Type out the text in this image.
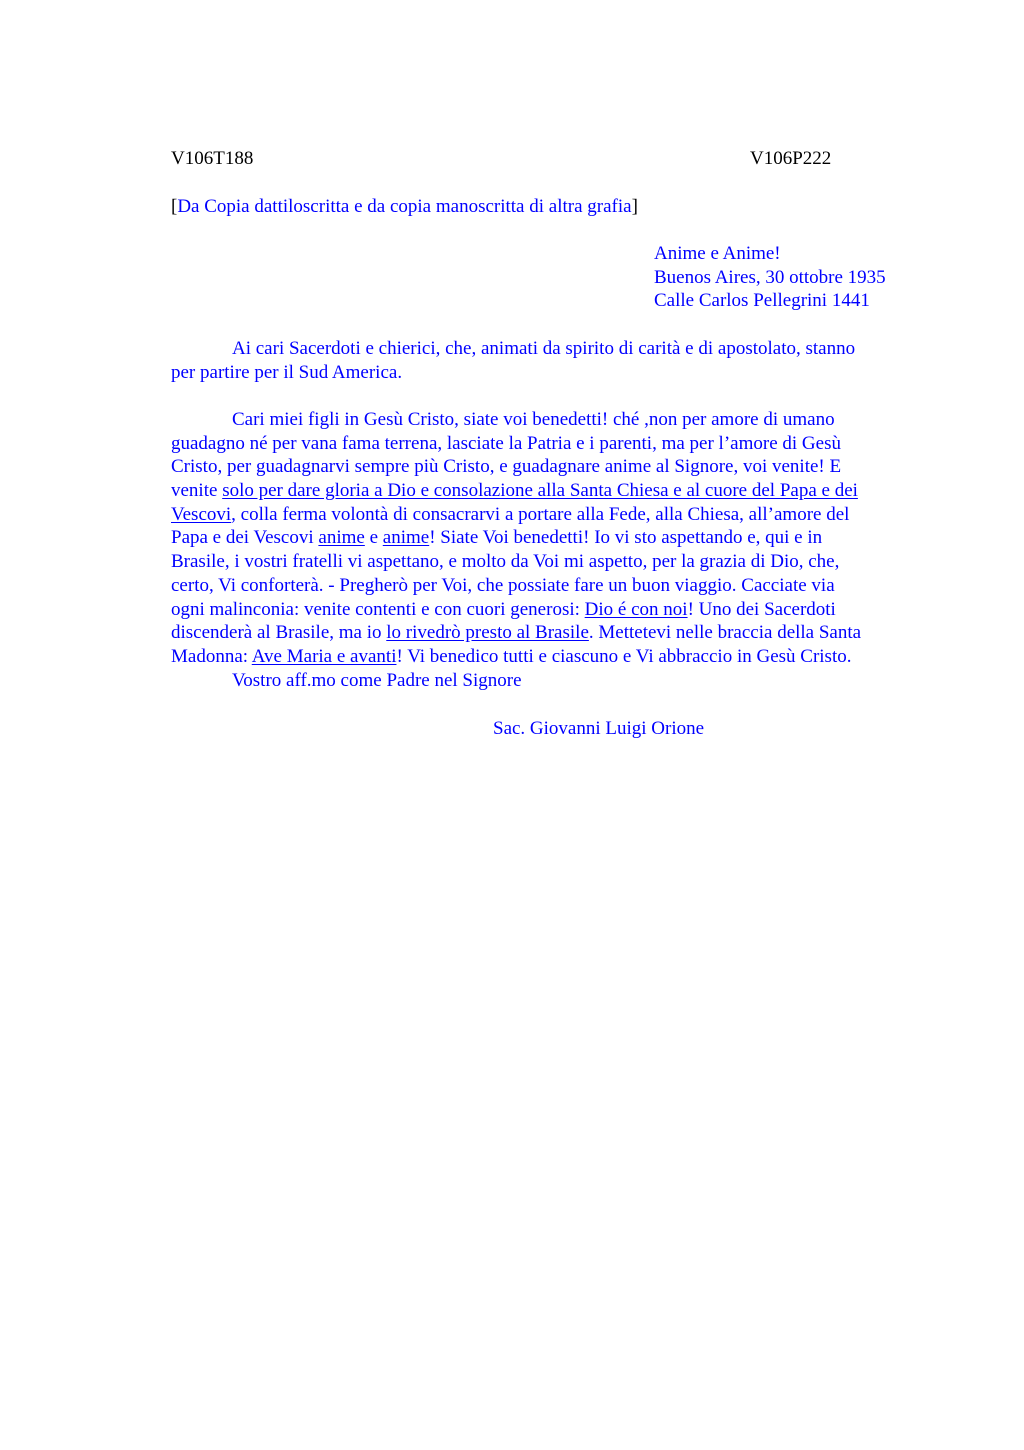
V106T188	V106P222
[Da Copia dattiloscritta e da copia manoscritta di altra grafia]
Anime e Anime!
Buenos Aires, 30 ottobre 1935
Calle Carlos Pellegrini 1441
Ai cari Sacerdoti e chierici, che, animati da spirito di carità e di apostolato, stanno
per partire per il Sud America.
Cari miei figli in Gesù Cristo, siate voi benedetti! ché ,non per amore di umano
guadagno né per vana fama terrena, lasciate la Patria e i parenti, ma per l’amore di Gesù
Cristo, per guadagnarvi sempre più Cristo, e guadagnare anime al Signore, voi venite! E
venite solo per dare gloria a Dio e consolazione alla Santa Chiesa e al cuore del Papa e dei
Vescovi, colla ferma volontà di consacrarvi a portare alla Fede, alla Chiesa, all’amore del
Papa e dei Vescovi anime e anime! Siate Voi benedetti! Io vi sto aspettando e, qui e in
Brasile, i vostri fratelli vi aspettano, e molto da Voi mi aspetto, per la grazia di Dio, che,
certo, Vi conforterà. - Pregherò per Voi, che possiate fare un buon viaggio. Cacciate via
ogni malinconia: venite contenti e con cuori generosi: Dio é con noi! Uno dei Sacerdoti
discenderà al Brasile, ma io lo rivedrò presto al Brasile. Mettetevi nelle braccia della Santa
Madonna: Ave Maria e avanti! Vi benedico tutti e ciascuno e Vi abbraccio in Gesù Cristo.
Vostro aff.mo come Padre nel Signore
Sac. Giovanni Luigi Orione
